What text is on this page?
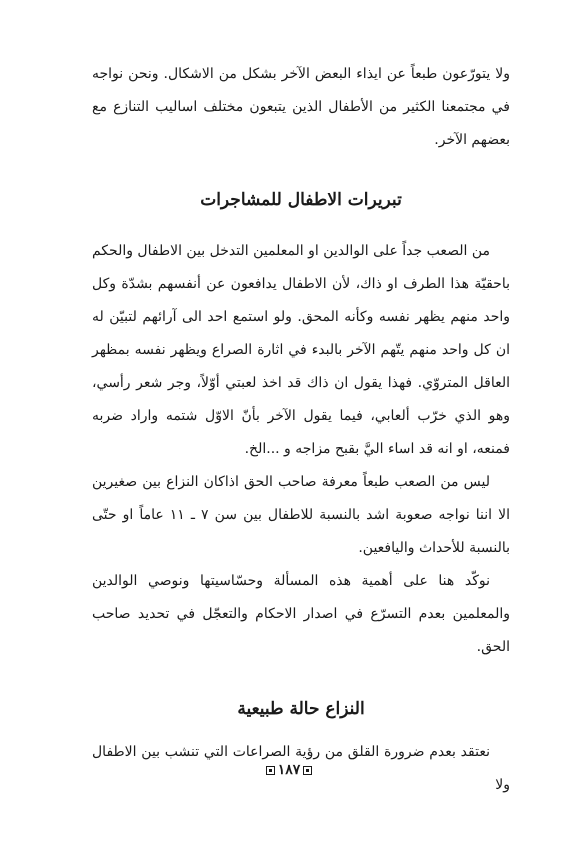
ولا يتورّعون طبعاً عن ايذاء البعض الآخر بشكل من الاشكال. ونحن نواجه في مجتمعنا الكثير من الأطفال الذين يتبعون مختلف اساليب التنازع مع بعضهم الآخر.

تبريرات الاطفال للمشاجرات

من الصعب جداً على الوالدين او المعلمين التدخل بين الاطفال والحكم باحقيّة هذا الطرف او ذاك، لأن الاطفال يدافعون عن أنفسهم بشدّة وكل واحد منهم يظهر نفسه وكأنه المحق. ولو استمع احد الى آرائهم لتبيّن له ان كل واحد منهم يتّهم الآخر بالبدء في اثارة الصراع ويظهر نفسه بمظهر العاقل المتروّي. فهذا يقول ان ذاك قد اخذ لعبتي أوّلاً، وجر شعر رأسي، وهو الذي خرّب ألعابي، فيما يقول الآخر بأنّ الاوّل شتمه واراد ضربه فمنعه، او انه قد اساء اليَّ بقبح مزاجه و ...الخ.

ليس من الصعب طبعاً معرفة صاحب الحق اذاكان النزاع بين صغيرين الا اننا نواجه صعوبة اشد بالنسبة للاطفال بين سن ٧ ـ ١١ عاماً او حتّى بالنسبة للأحداث واليافعين.

نوكّد هنا على أهمية هذه المسألة وحسّاسيتها ونوصي الوالدين والمعلمين بعدم التسرّع في اصدار الاحكام والتعجّل في تحديد صاحب الحق.

النزاع حالة طبيعية

نعتقد بعدم ضرورة القلق من رؤية الصراعات التي تنشب بين الاطفال ولا

١٨٧
